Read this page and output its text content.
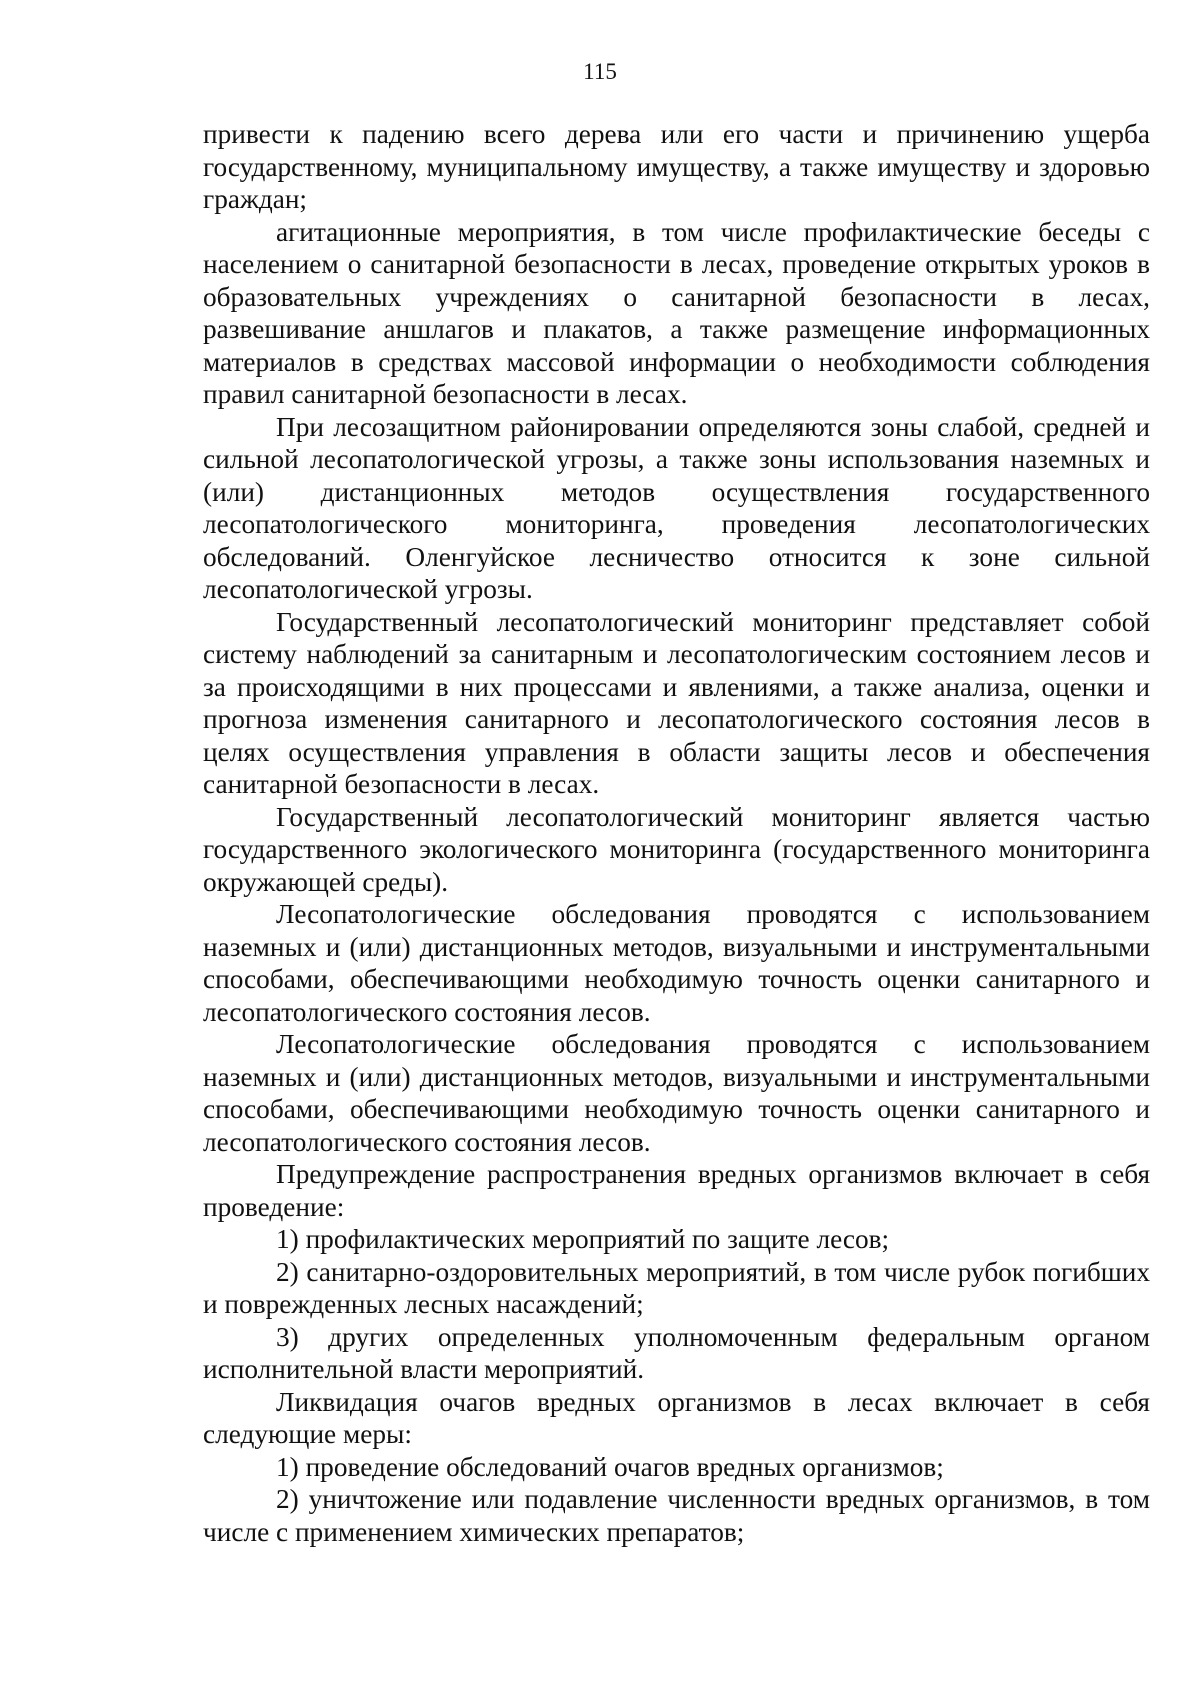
115

привести к падению всего дерева или его части и причинению ущерба государственному, муниципальному имуществу, а также имуществу и здоровью граждан;

агитационные мероприятия, в том числе профилактические беседы с населением о санитарной безопасности в лесах, проведение открытых уроков в образовательных учреждениях о санитарной безопасности в лесах, развешивание аншлагов и плакатов, а также размещение информационных материалов в средствах массовой информации о необходимости соблюдения правил санитарной безопасности в лесах.

При лесозащитном районировании определяются зоны слабой, средней и сильной лесопатологической угрозы, а также зоны использования наземных и (или) дистанционных методов осуществления государственного лесопатологического мониторинга, проведения лесопатологических обследований. Оленгуйское лесничество относится к зоне сильной лесопатологической угрозы.

Государственный лесопатологический мониторинг представляет собой систему наблюдений за санитарным и лесопатологическим состоянием лесов и за происходящими в них процессами и явлениями, а также анализа, оценки и прогноза изменения санитарного и лесопатологического состояния лесов в целях осуществления управления в области защиты лесов и обеспечения санитарной безопасности в лесах.

Государственный лесопатологический мониторинг является частью государственного экологического мониторинга (государственного мониторинга окружающей среды).

Лесопатологические обследования проводятся с использованием наземных и (или) дистанционных методов, визуальными и инструментальными способами, обеспечивающими необходимую точность оценки санитарного и лесопатологического состояния лесов.

Лесопатологические обследования проводятся с использованием наземных и (или) дистанционных методов, визуальными и инструментальными способами, обеспечивающими необходимую точность оценки санитарного и лесопатологического состояния лесов.

Предупреждение распространения вредных организмов включает в себя проведение:

1) профилактических мероприятий по защите лесов;

2) санитарно-оздоровительных мероприятий, в том числе рубок погибших и поврежденных лесных насаждений;

3) других определенных уполномоченным федеральным органом исполнительной власти мероприятий.

Ликвидация очагов вредных организмов в лесах включает в себя следующие меры:

1) проведение обследований очагов вредных организмов;

2) уничтожение или подавление численности вредных организмов, в том числе с применением химических препаратов;
